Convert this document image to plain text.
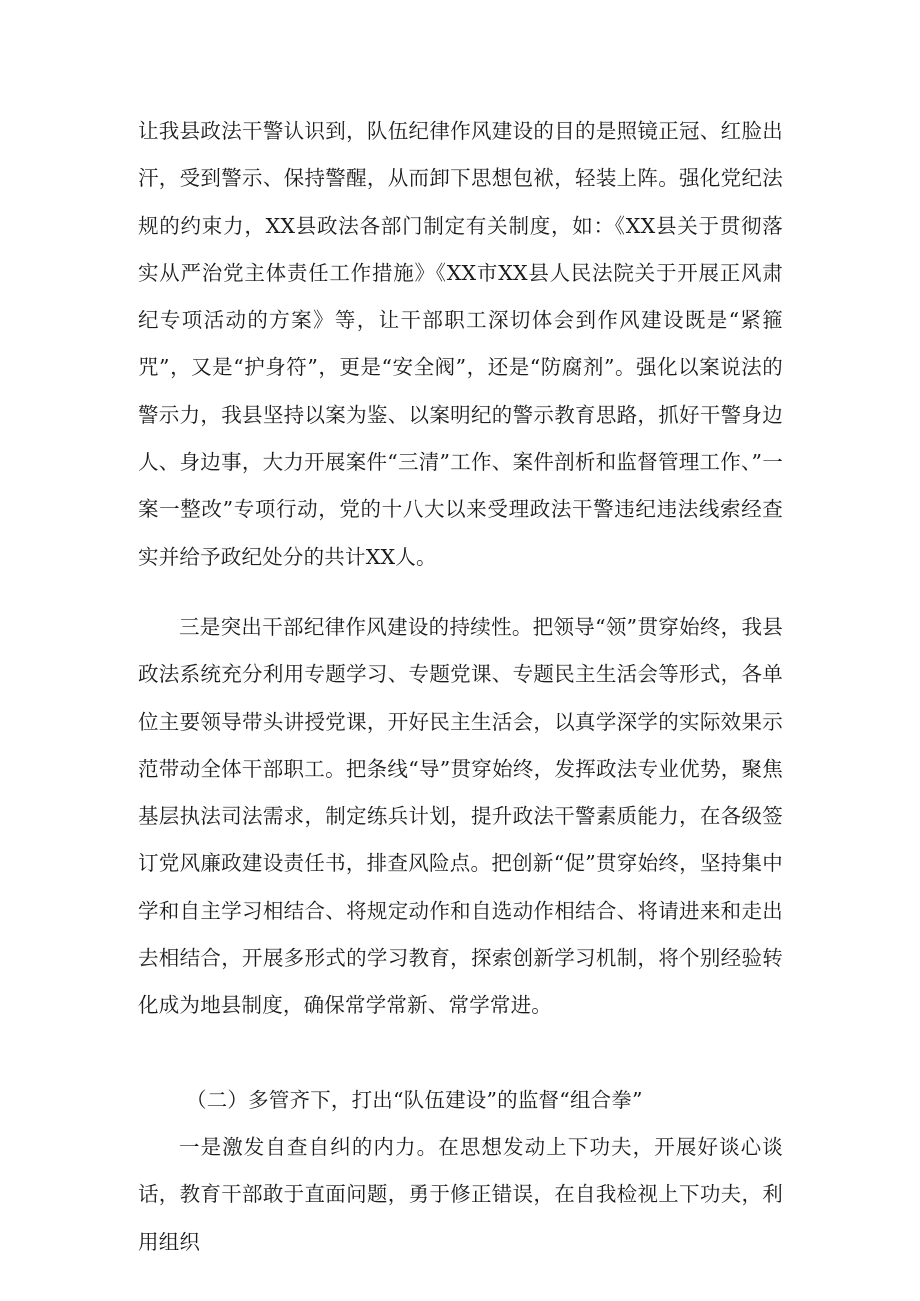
让我县政法干警认识到，队伍纪律作风建设的目的是照镜正冠、红脸出汗，受到警示、保持警醒，从而卸下思想包袱，轻装上阵。强化党纪法规的约束力，XX县政法各部门制定有关制度，如：《XX县关于贯彻落实从严治党主体责任工作措施》《XX市XX县人民法院关于开展正风肃纪专项活动的方案》等，让干部职工深切体会到作风建设既是“紧箍咒”，又是“护身符”，更是“安全阀”，还是“防腐剂”。强化以案说法的警示力，我县坚持以案为鉴、以案明纪的警示教育思路，抓好干警身边人、身边事，大力开展案件“三清”工作、案件剖析和监督管理工作、”一案一整改”专项行动，党的十八大以来受理政法干警违纪违法线索经查实并给予政纪处分的共计XX人。

三是突出干部纪律作风建设的持续性。把领导“领”贯穿始终，我县政法系统充分利用专题学习、专题党课、专题民主生活会等形式，各单位主要领导带头讲授党课，开好民主生活会，以真学深学的实际效果示范带动全体干部职工。把条线“导”贯穿始终，发挥政法专业优势，聚焦基层执法司法需求，制定练兵计划，提升政法干警素质能力，在各级签订党风廉政建设责任书，排查风险点。把创新“促”贯穿始终，坚持集中学和自主学习相结合、将规定动作和自选动作相结合、将请进来和走出去相结合，开展多形式的学习教育，探索创新学习机制，将个别经验转化成为地县制度，确保常学常新、常学常进。

（二）多管齐下，打出“队伍建设”的监督“组合拳”

一是激发自查自纠的内力。在思想发动上下功夫，开展好谈心谈话，教育干部敢于直面问题，勇于修正错误，在自我检视上下功夫，利用组织
